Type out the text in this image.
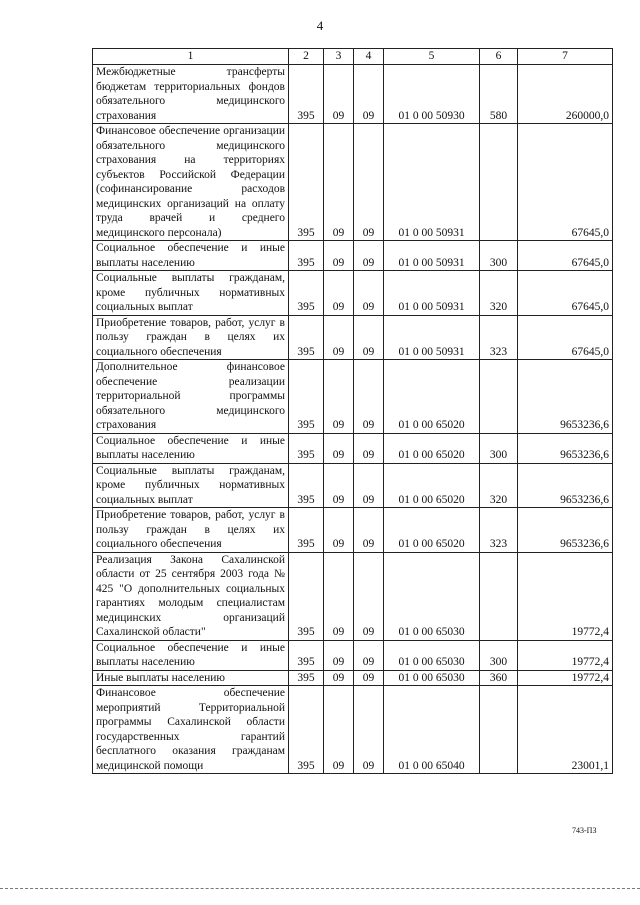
4
1	2	3	4	5	6	7
Межбюджетные трансферты бюджетам территориальных фондов обязательного медицинского страхования	395	09	09	01 0 00 50930	580	260000,0
Финансовое обеспечение организации обязательного медицинского страхования на территориях субъектов Российской Федерации (софинансирование расходов медицинских организаций на оплату труда врачей и среднего медицинского персонала)	395	09	09	01 0 00 50931		67645,0
Социальное обеспечение и иные выплаты населению	395	09	09	01 0 00 50931	300	67645,0
Социальные выплаты гражданам, кроме публичных нормативных социальных выплат	395	09	09	01 0 00 50931	320	67645,0
Приобретение товаров, работ, услуг в пользу граждан в целях их социального обеспечения	395	09	09	01 0 00 50931	323	67645,0
Дополнительное финансовое обеспечение реализации территориальной программы обязательного медицинского страхования	395	09	09	01 0 00 65020		9653236,6
Социальное обеспечение и иные выплаты населению	395	09	09	01 0 00 65020	300	9653236,6
Социальные выплаты гражданам, кроме публичных нормативных социальных выплат	395	09	09	01 0 00 65020	320	9653236,6
Приобретение товаров, работ, услуг в пользу граждан в целях их социального обеспечения	395	09	09	01 0 00 65020	323	9653236,6
Реализация Закона Сахалинской области от 25 сентября 2003 года № 425 "О дополнительных социальных гарантиях молодым специалистам медицинских организаций Сахалинской области"	395	09	09	01 0 00 65030		19772,4
Социальное обеспечение и иные выплаты населению	395	09	09	01 0 00 65030	300	19772,4
Иные выплаты населению	395	09	09	01 0 00 65030	360	19772,4
Финансовое обеспечение мероприятий Территориальной программы Сахалинской области государственных гарантий бесплатного оказания гражданам медицинской помощи	395	09	09	01 0 00 65040		23001,1
743-ПЗ
